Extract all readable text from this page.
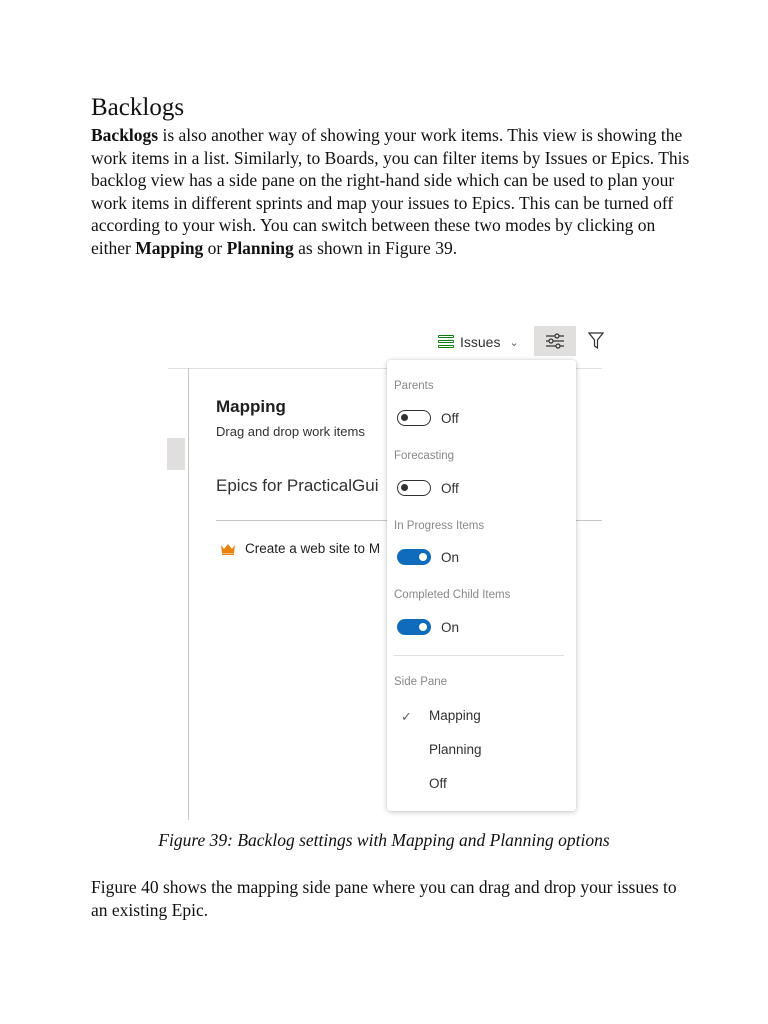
Backlogs

Backlogs is also another way of showing your work items. This view is showing the work items in a list. Similarly, to Boards, you can filter items by Issues or Epics. This backlog view has a side pane on the right-hand side which can be used to plan your work items in different sprints and map your issues to Epics. This can be turned off according to your wish. You can switch between these two modes by clicking on either Mapping or Planning as shown in Figure 39.

Issues ⌄
Mapping
Drag and drop work items
Epics for PracticalGui
Create a web site to M
Parents
Off
Forecasting
Off
In Progress Items
On
Completed Child Items
On
Side Pane
✓ Mapping
Planning
Off
Figure 39: Backlog settings with Mapping and Planning options

Figure 40 shows the mapping side pane where you can drag and drop your issues to an existing Epic.
